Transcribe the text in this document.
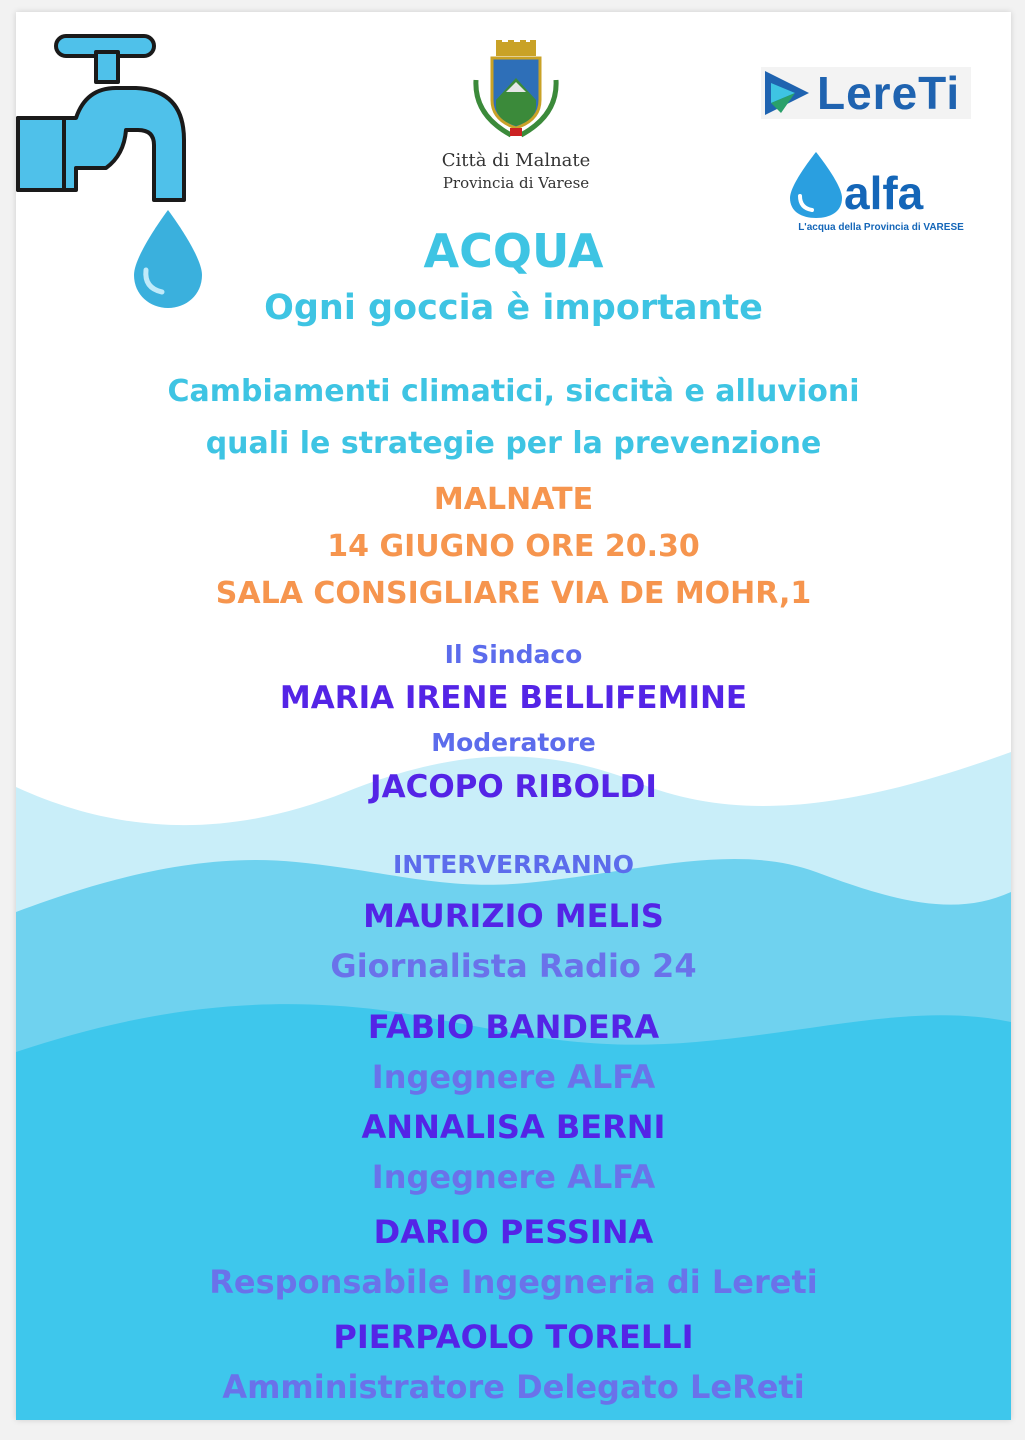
Città di Malnate
Provincia di Varese
LereTi
alfa
L'acqua della Provincia di VARESE
ACQUA
Ogni goccia è importante
Cambiamenti climatici, siccità e alluvioni
quali le strategie per la prevenzione
MALNATE
14 GIUGNO ORE 20.30
SALA CONSIGLIARE VIA DE MOHR,1
Il Sindaco
MARIA IRENE BELLIFEMINE
Moderatore
JACOPO RIBOLDI
INTERVERRANNO
MAURIZIO MELIS
Giornalista Radio 24
FABIO BANDERA
Ingegnere ALFA
ANNALISA BERNI
Ingegnere ALFA
DARIO PESSINA
Responsabile Ingegneria di Lereti
PIERPAOLO TORELLI
Amministratore Delegato LeReti
